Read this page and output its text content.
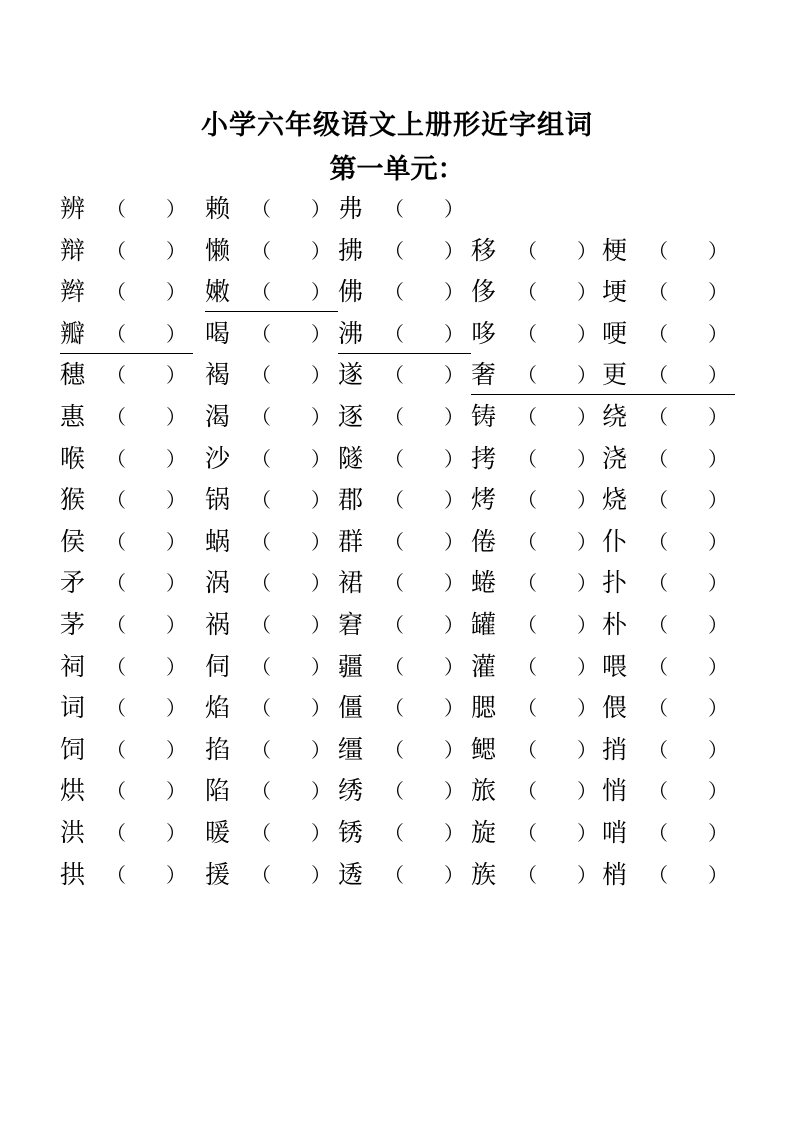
小学六年级语文上册形近字组词
第一单元：
辨 （ ） 赖 （ ） 弗 （ ）
辩 （ ） 懒 （ ） 拂 （ ） 移 （ ） 梗 （ ）
辫 （ ） 嫩 （ ） 佛 （ ） 侈 （ ） 埂 （ ）
瓣 （ ） 喝 （ ） 沸 （ ） 哆 （ ） 哽 （ ）
穗 （ ） 褐 （ ） 遂 （ ） 奢 （ ） 更 （ ）
惠 （ ） 渴 （ ） 逐 （ ） 铸 （ ） 绕 （ ）
喉 （ ） 沙 （ ） 隧 （ ） 拷 （ ） 浇 （ ）
猴 （ ） 锅 （ ） 郡 （ ） 烤 （ ） 烧 （ ）
侯 （ ） 蜗 （ ） 群 （ ） 倦 （ ） 仆 （ ）
矛 （ ） 涡 （ ） 裙 （ ） 蜷 （ ） 扑 （ ）
茅 （ ） 祸 （ ） 窘 （ ） 罐 （ ） 朴 （ ）
祠 （ ） 伺 （ ） 疆 （ ） 灌 （ ） 喂 （ ）
词 （ ） 焰 （ ） 僵 （ ） 腮 （ ） 偎 （ ）
饲 （ ） 掐 （ ） 缰 （ ） 鳃 （ ） 捎 （ ）
烘 （ ） 陷 （ ） 绣 （ ） 旅 （ ） 悄 （ ）
洪 （ ） 暖 （ ） 锈 （ ） 旋 （ ） 哨 （ ）
拱 （ ） 援 （ ） 透 （ ） 族 （ ） 梢 （ ）
